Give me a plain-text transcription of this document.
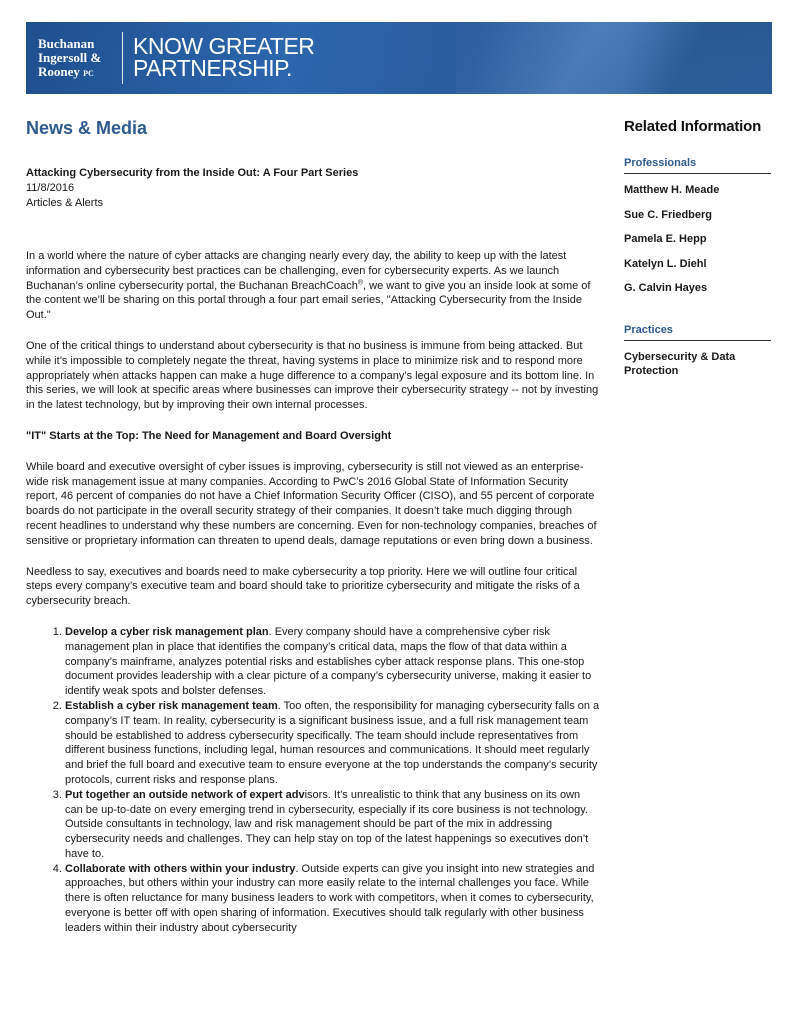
Buchanan
Ingersoll &
Rooney PC
KNOW GREATER
PARTNERSHIP.
News & Media
Attacking Cybersecurity from the Inside Out: A Four Part Series
11/8/2016
Articles & Alerts

In a world where the nature of cyber attacks are changing nearly every day, the ability to keep up with the latest information and cybersecurity best practices can be challenging, even for cybersecurity experts. As we launch Buchanan’s online cybersecurity portal, the Buchanan BreachCoach®, we want to give you an inside look at some of the content we’ll be sharing on this portal through a four part email series, "Attacking Cybersecurity from the Inside Out."

One of the critical things to understand about cybersecurity is that no business is immune from being attacked. But while it’s impossible to completely negate the threat, having systems in place to minimize risk and to respond more appropriately when attacks happen can make a huge difference to a company’s legal exposure and its bottom line. In this series, we will look at specific areas where businesses can improve their cybersecurity strategy -- not by investing in the latest technology, but by improving their own internal processes.

"IT" Starts at the Top: The Need for Management and Board Oversight

While board and executive oversight of cyber issues is improving, cybersecurity is still not viewed as an enterprise-wide risk management issue at many companies. According to PwC’s 2016 Global State of Information Security report, 46 percent of companies do not have a Chief Information Security Officer (CISO), and 55 percent of corporate boards do not participate in the overall security strategy of their companies. It doesn’t take much digging through recent headlines to understand why these numbers are concerning. Even for non-technology companies, breaches of sensitive or proprietary information can threaten to upend deals, damage reputations or even bring down a business.

Needless to say, executives and boards need to make cybersecurity a top priority. Here we will outline four critical steps every company’s executive team and board should take to prioritize cybersecurity and mitigate the risks of a cybersecurity breach.

1. Develop a cyber risk management plan. Every company should have a comprehensive cyber risk management plan in place that identifies the company’s critical data, maps the flow of that data within a company’s mainframe, analyzes potential risks and establishes cyber attack response plans. This one-stop document provides leadership with a clear picture of a company’s cybersecurity universe, making it easier to identify weak spots and bolster defenses.
2. Establish a cyber risk management team. Too often, the responsibility for managing cybersecurity falls on a company’s IT team. In reality, cybersecurity is a significant business issue, and a full risk management team should be established to address cybersecurity specifically. The team should include representatives from different business functions, including legal, human resources and communications. It should meet regularly and brief the full board and executive team to ensure everyone at the top understands the company’s security protocols, current risks and response plans.
3. Put together an outside network of expert advisors. It’s unrealistic to think that any business on its own can be up-to-date on every emerging trend in cybersecurity, especially if its core business is not technology. Outside consultants in technology, law and risk management should be part of the mix in addressing cybersecurity needs and challenges. They can help stay on top of the latest happenings so executives don’t have to.
4. Collaborate with others within your industry. Outside experts can give you insight into new strategies and approaches, but others within your industry can more easily relate to the internal challenges you face. While there is often reluctance for many business leaders to work with competitors, when it comes to cybersecurity, everyone is better off with open sharing of information. Executives should talk regularly with other business leaders within their industry about cybersecurity
Related Information
Professionals
Matthew H. Meade
Sue C. Friedberg
Pamela E. Hepp
Katelyn L. Diehl
G. Calvin Hayes
Practices
Cybersecurity & Data Protection
